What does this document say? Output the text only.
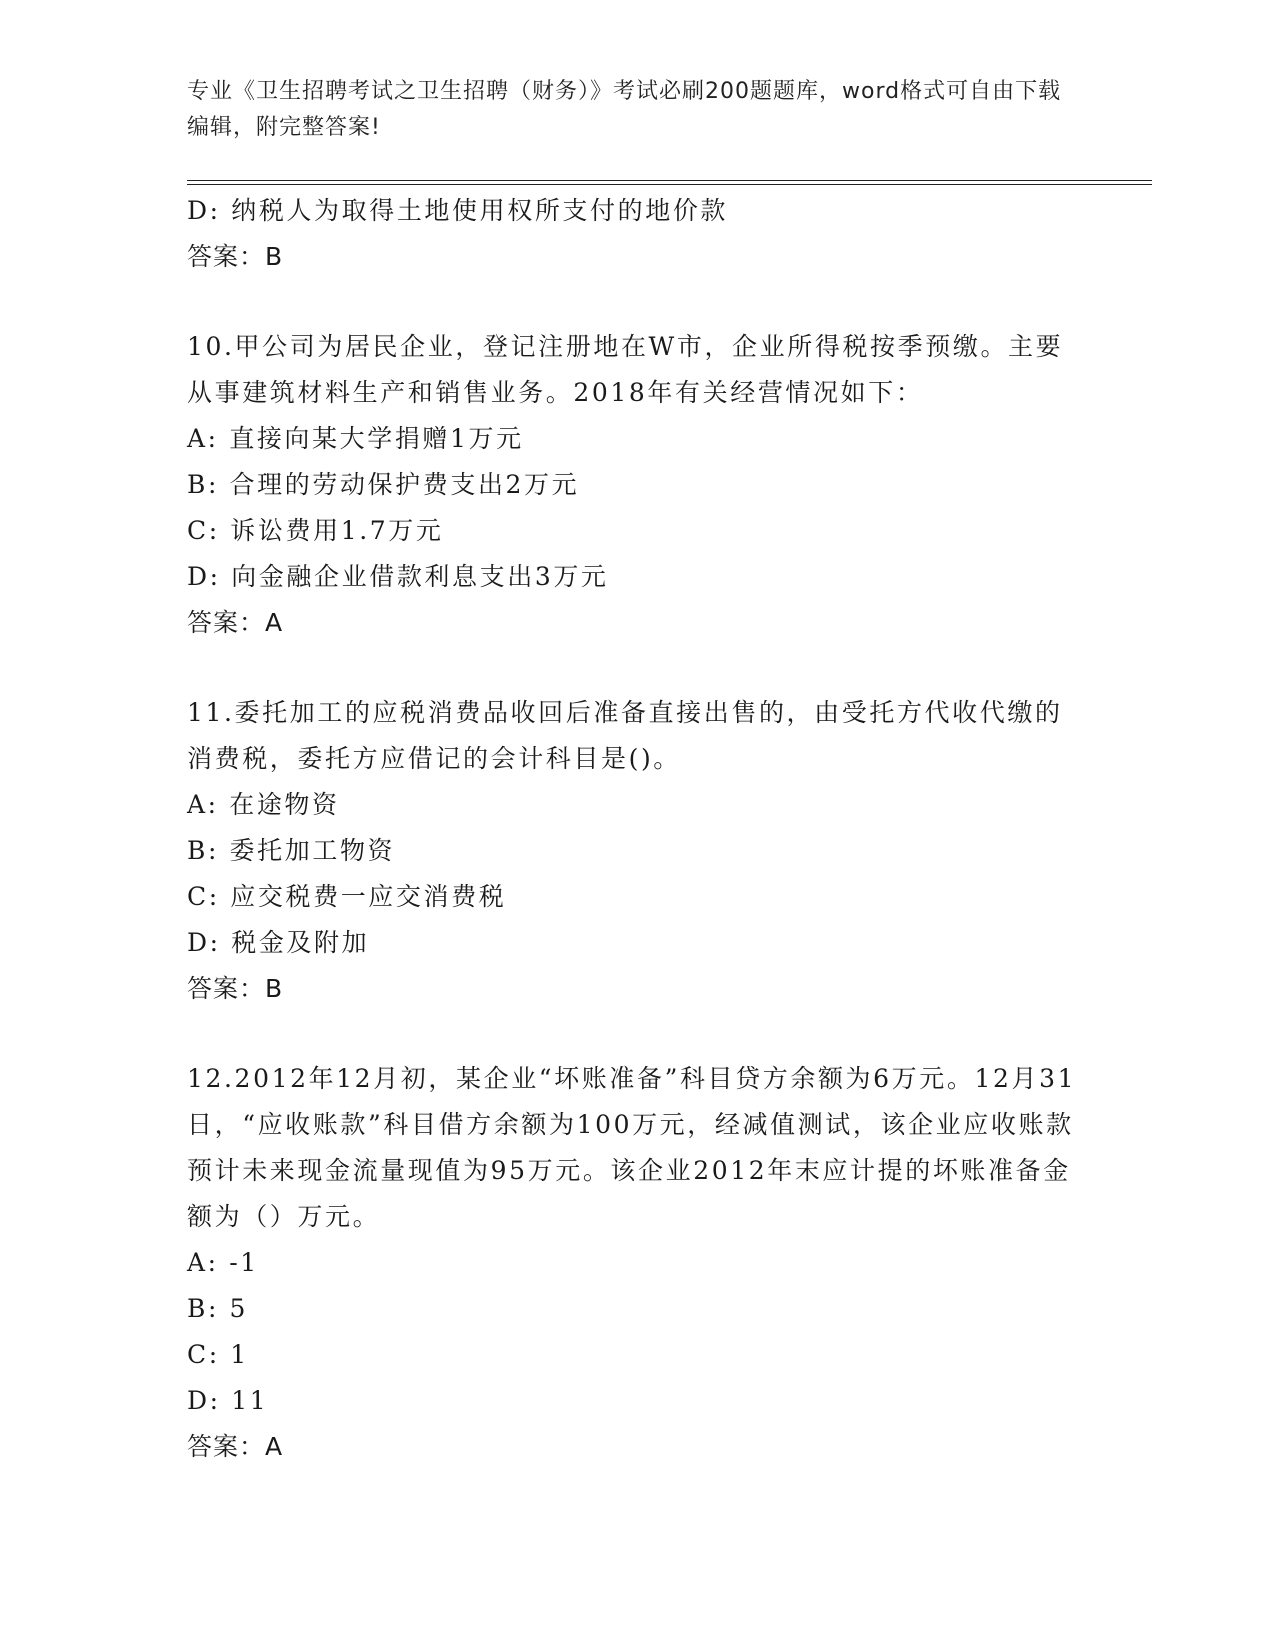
专业《卫生招聘考试之卫生招聘（财务）》考试必刷200题题库，word格式可自由下载编辑，附完整答案!
D: 纳税人为取得土地使用权所支付的地价款
答案：B
10.甲公司为居民企业，登记注册地在W市，企业所得税按季预缴。主要从事建筑材料生产和销售业务。2018年有关经营情况如下：
A: 直接向某大学捐赠1万元
B: 合理的劳动保护费支出2万元
C: 诉讼费用1.7万元
D: 向金融企业借款利息支出3万元
答案：A
11.委托加工的应税消费品收回后准备直接出售的，由受托方代收代缴的消费税，委托方应借记的会计科目是()。
A: 在途物资
B: 委托加工物资
C: 应交税费一应交消费税
D: 税金及附加
答案：B
12.2012年12月初，某企业“坏账准备”科目贷方余额为6万元。12月31日，“应收账款”科目借方余额为100万元，经减值测试，该企业应收账款预计未来现金流量现值为95万元。该企业2012年末应计提的坏账准备金额为（）万元。
A: -1
B: 5
C: 1
D: 11
答案：A
